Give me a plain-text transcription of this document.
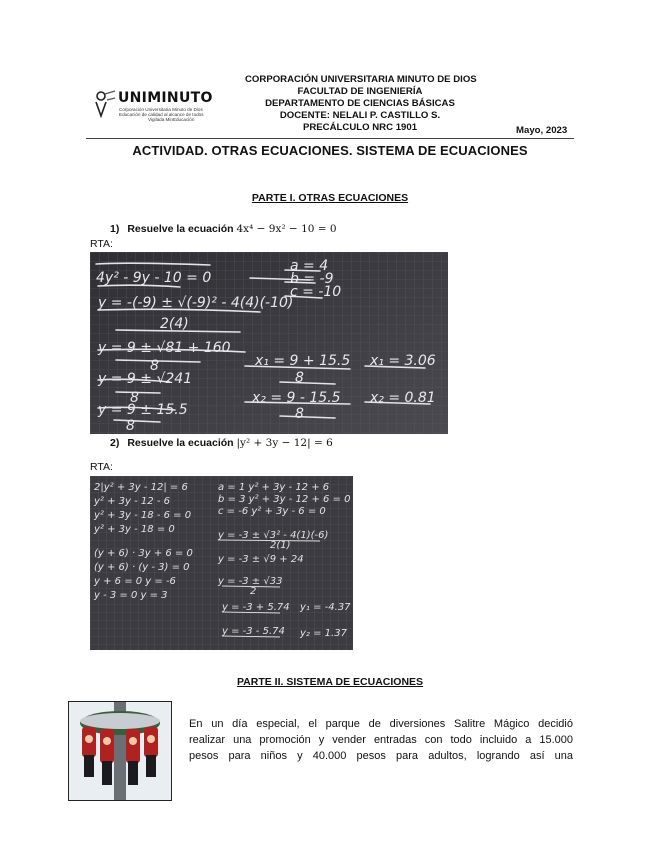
UNIMINUTO
Corporación Universitaria Minuto de Dios
Educación de calidad al alcance de todos
Vigilada MinEducación
CORPORACIÓN UNIVERSITARIA MINUTO DE DIOS
FACULTAD DE INGENIERÍA
DEPARTAMENTO DE CIENCIAS BÁSICAS
DOCENTE: NELALI P. CASTILLO S.
PRECÁLCULO NRC 1901	Mayo, 2023
ACTIVIDAD. OTRAS ECUACIONES. SISTEMA DE ECUACIONES
PARTE I. OTRAS ECUACIONES
1) Resuelve la ecuación 4x⁴ − 9x² − 10 = 0
RTA:
4y² - 9y - 10 = 0
y = -(-9) ± √(-9)² - 4(4)(-10)
2(4)
y = 9 ± √81 + 160
8
y = 9 ± √241
8
y = 9 ± 15.5
8
x₁ = 9 + 15.5
8
x₂ = 9 - 15.5
8
x₁ = 3.06
x₂ = 0.81
a = 4
b = -9
c = -10
2) Resuelve la ecuación |y² + 3y − 12| = 6
RTA:
2|y² + 3y - 12| = 6
y² + 3y - 12 - 6
y² + 3y - 18 - 6 = 0
y² + 3y - 18 = 0
(y + 6) · 3y + 6 = 0
(y + 6) · (y - 3) = 0
y + 6 = 0 y = -6
y - 3 = 0 y = 3
a = 1 y² + 3y - 12 + 6
b = 3 y² + 3y - 12 + 6 = 0
c = -6 y² + 3y - 6 = 0
y = -3 ± √3² - 4(1)(-6)
2(1)
y = -3 ± √9 + 24
y = -3 ± √33
2
y = -3 + 5.74 y₁ = -4.37
y = -3 - 5.74 y₂ = 1.37
PARTE II. SISTEMA DE ECUACIONES
En un día especial, el parque de diversiones Salitre Mágico decidió
realizar una promoción y vender entradas con todo incluido a 15.000
pesos para niños y 40.000 pesos para adultos, logrando así una
